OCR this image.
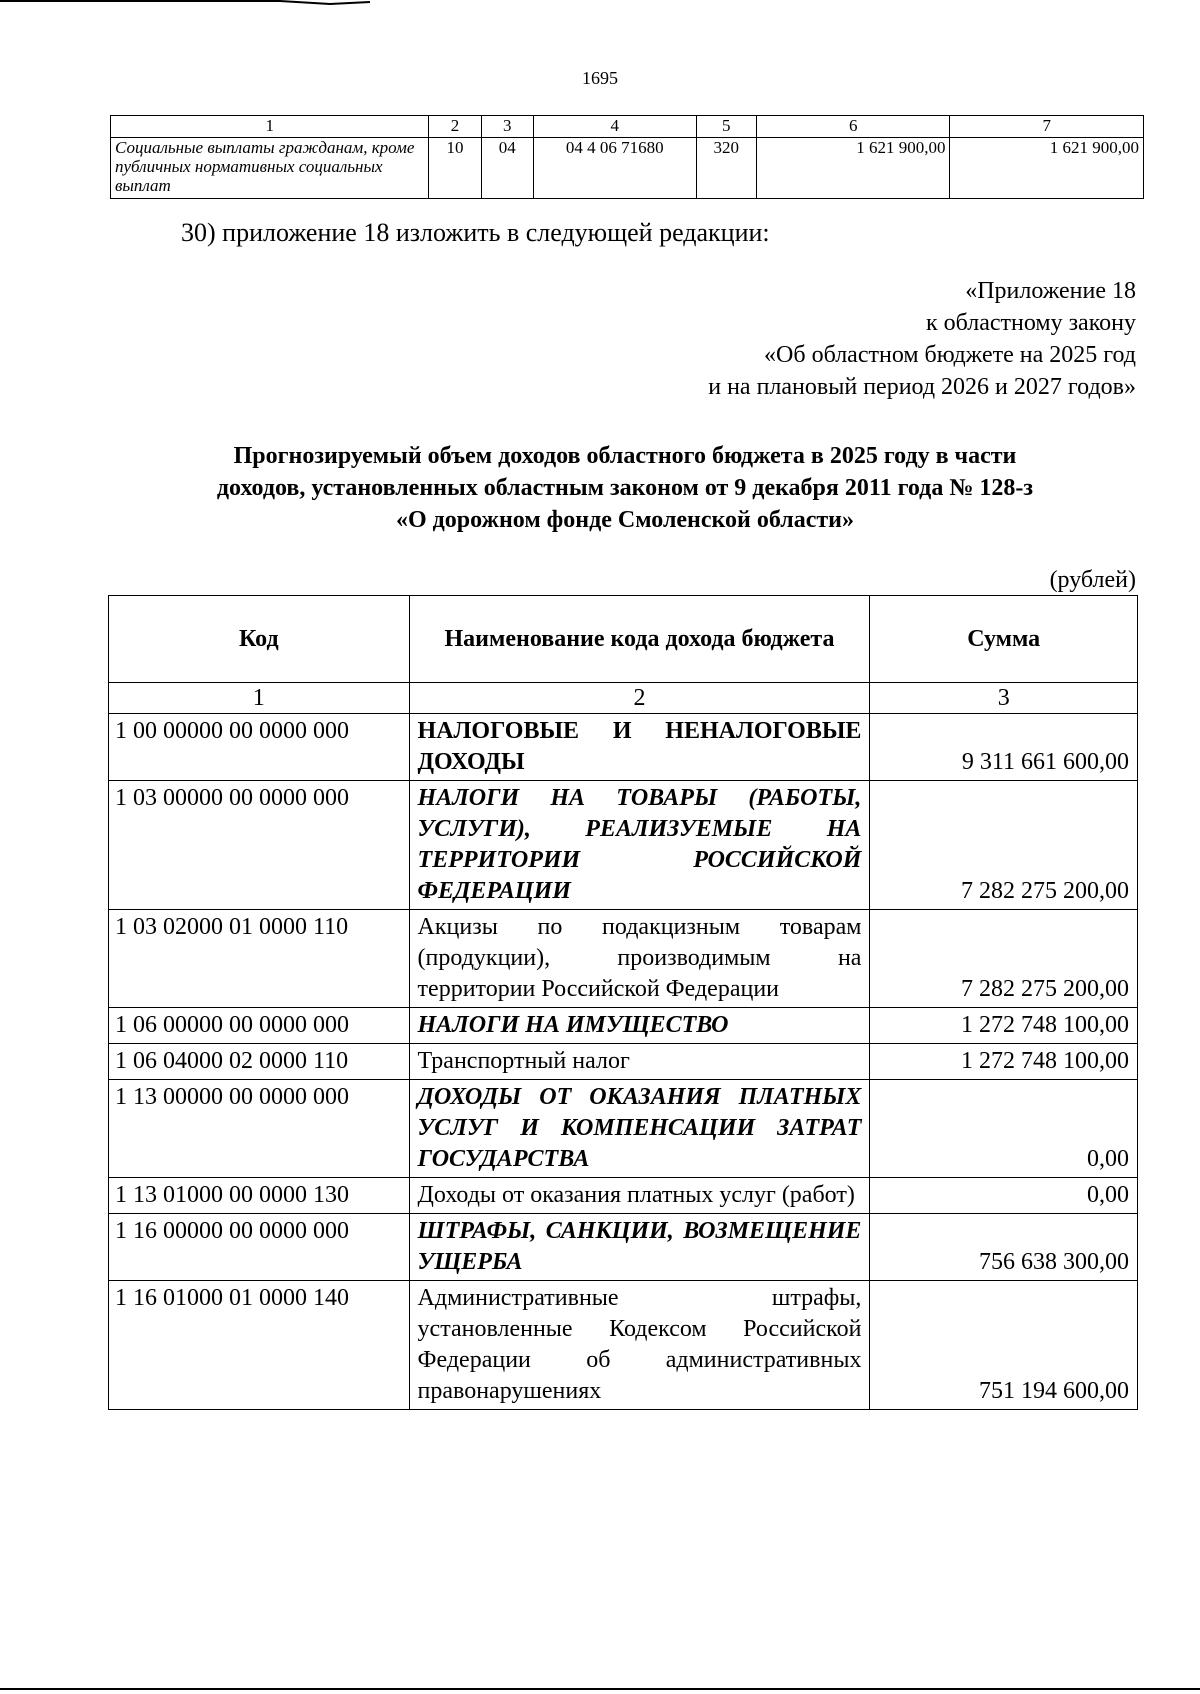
1695
1	2	3	4	5	6	7
Социальные выплаты гражданам, кроме публичных нормативных социальных выплат	10	04	04 4 06 71680	320	1 621 900,00	1 621 900,00
30) приложение 18 изложить в следующей редакции:
«Приложение 18
к областному закону
«Об областном бюджете на 2025 год
и на плановый период 2026 и 2027 годов»
Прогнозируемый объем доходов областного бюджета в 2025 году в части
доходов, установленных областным законом от 9 декабря 2011 года № 128-з
«О дорожном фонде Смоленской области»
(рублей)
Код	Наименование кода дохода бюджета	Сумма
1	2	3
1 00 00000 00 0000 000	НАЛОГОВЫЕ И НЕНАЛОГОВЫЕ ДОХОДЫ	9 311 661 600,00
1 03 00000 00 0000 000	НАЛОГИ НА ТОВАРЫ (РАБОТЫ, УСЛУГИ), РЕАЛИЗУЕМЫЕ НА ТЕРРИТОРИИ РОССИЙСКОЙ ФЕДЕРАЦИИ	7 282 275 200,00
1 03 02000 01 0000 110	Акцизы по подакцизным товарам (продукции), производимым на территории Российской Федерации	7 282 275 200,00
1 06 00000 00 0000 000	НАЛОГИ НА ИМУЩЕСТВО	1 272 748 100,00
1 06 04000 02 0000 110	Транспортный налог	1 272 748 100,00
1 13 00000 00 0000 000	ДОХОДЫ ОТ ОКАЗАНИЯ ПЛАТНЫХ УСЛУГ И КОМПЕНСАЦИИ ЗАТРАТ ГОСУДАРСТВА	0,00
1 13 01000 00 0000 130	Доходы от оказания платных услуг (работ)	0,00
1 16 00000 00 0000 000	ШТРАФЫ, САНКЦИИ, ВОЗМЕЩЕНИЕ УЩЕРБА	756 638 300,00
1 16 01000 01 0000 140	Административные штрафы, установленные Кодексом Российской Федерации об административных правонарушениях	751 194 600,00
